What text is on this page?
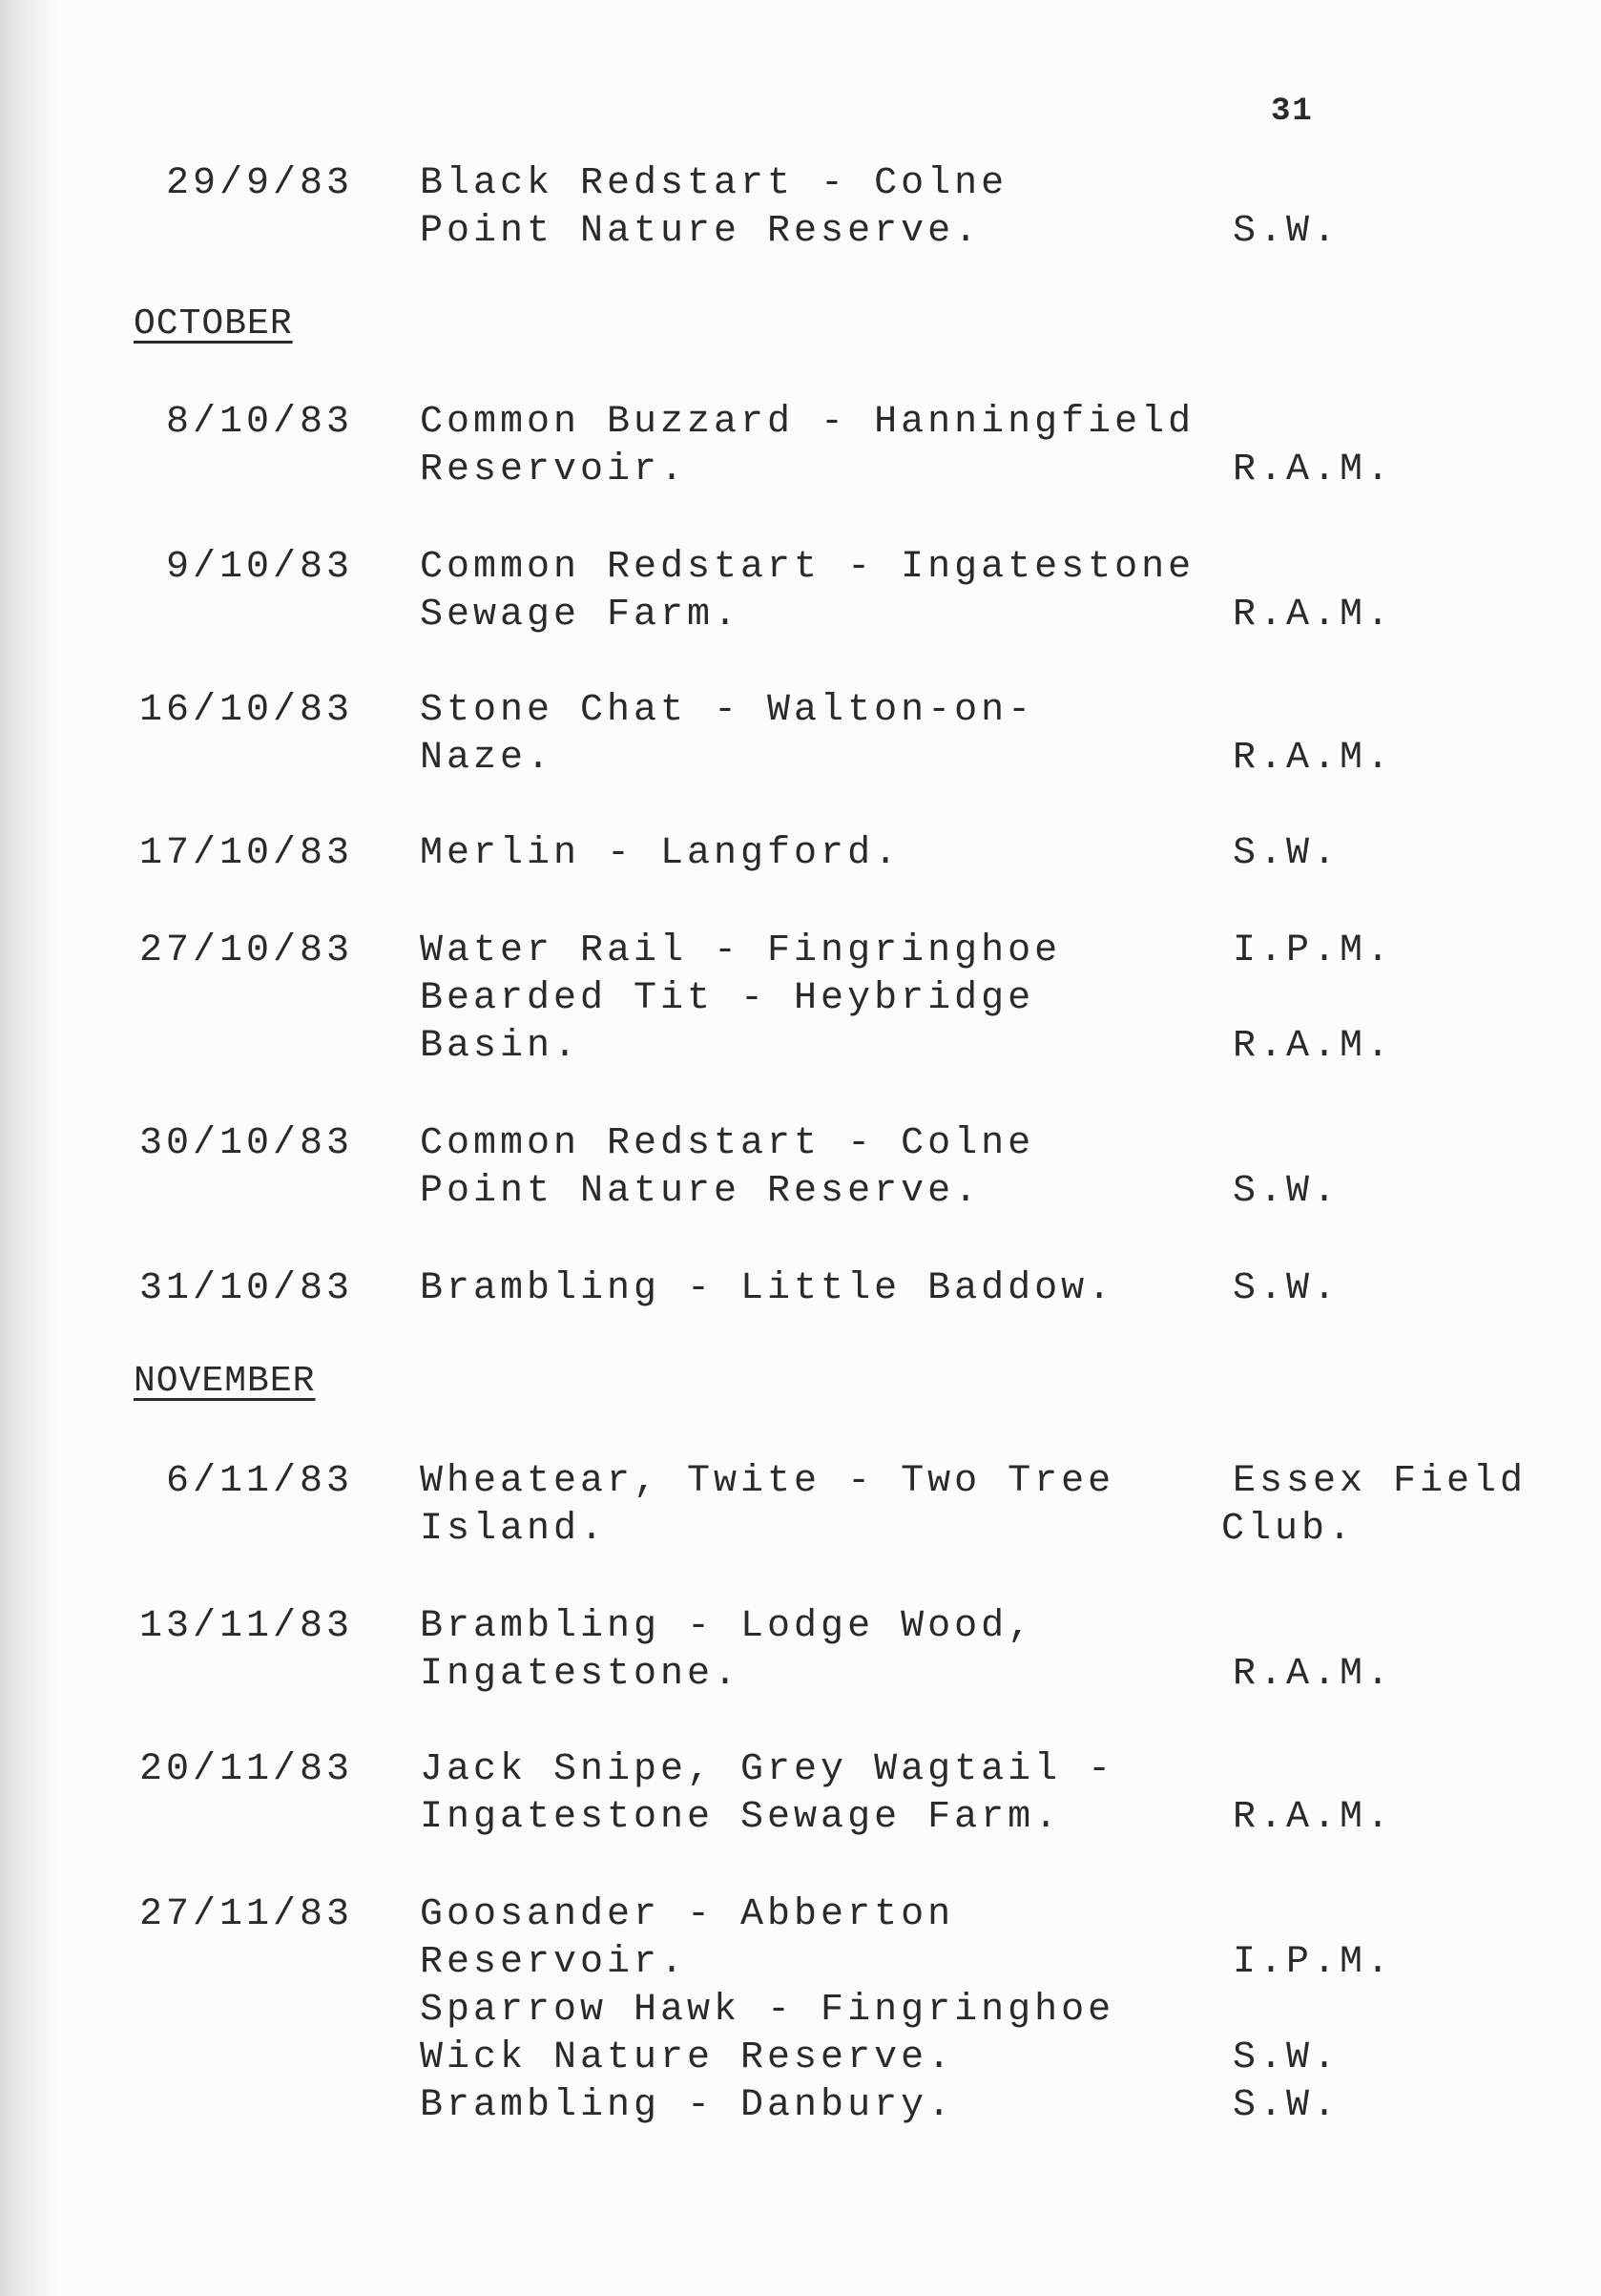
31
29/9/83 Black Redstart - Colne
Point Nature Reserve.	S.W.
OCTOBER
8/10/83 Common Buzzard - Hanningfield
Reservoir.	R.A.M.
9/10/83 Common Redstart - Ingatestone
Sewage Farm.	R.A.M.
16/10/83 Stone Chat - Walton-on-
Naze.	R.A.M.
17/10/83 Merlin - Langford.	S.W.
27/10/83 Water Rail - Fingringhoe	I.P.M.
Bearded Tit - Heybridge
Basin.	R.A.M.
30/10/83 Common Redstart - Colne
Point Nature Reserve.	S.W.
31/10/83 Brambling - Little Baddow.	S.W.
NOVEMBER
6/11/83 Wheatear, Twite - Two Tree	Essex Field
Island.	Club.
13/11/83 Brambling - Lodge Wood,
Ingatestone.	R.A.M.
20/11/83 Jack Snipe, Grey Wagtail -
Ingatestone Sewage Farm.	R.A.M.
27/11/83 Goosander - Abberton
Reservoir.	I.P.M.
Sparrow Hawk - Fingringhoe
Wick Nature Reserve.	S.W.
Brambling - Danbury.	S.W.
